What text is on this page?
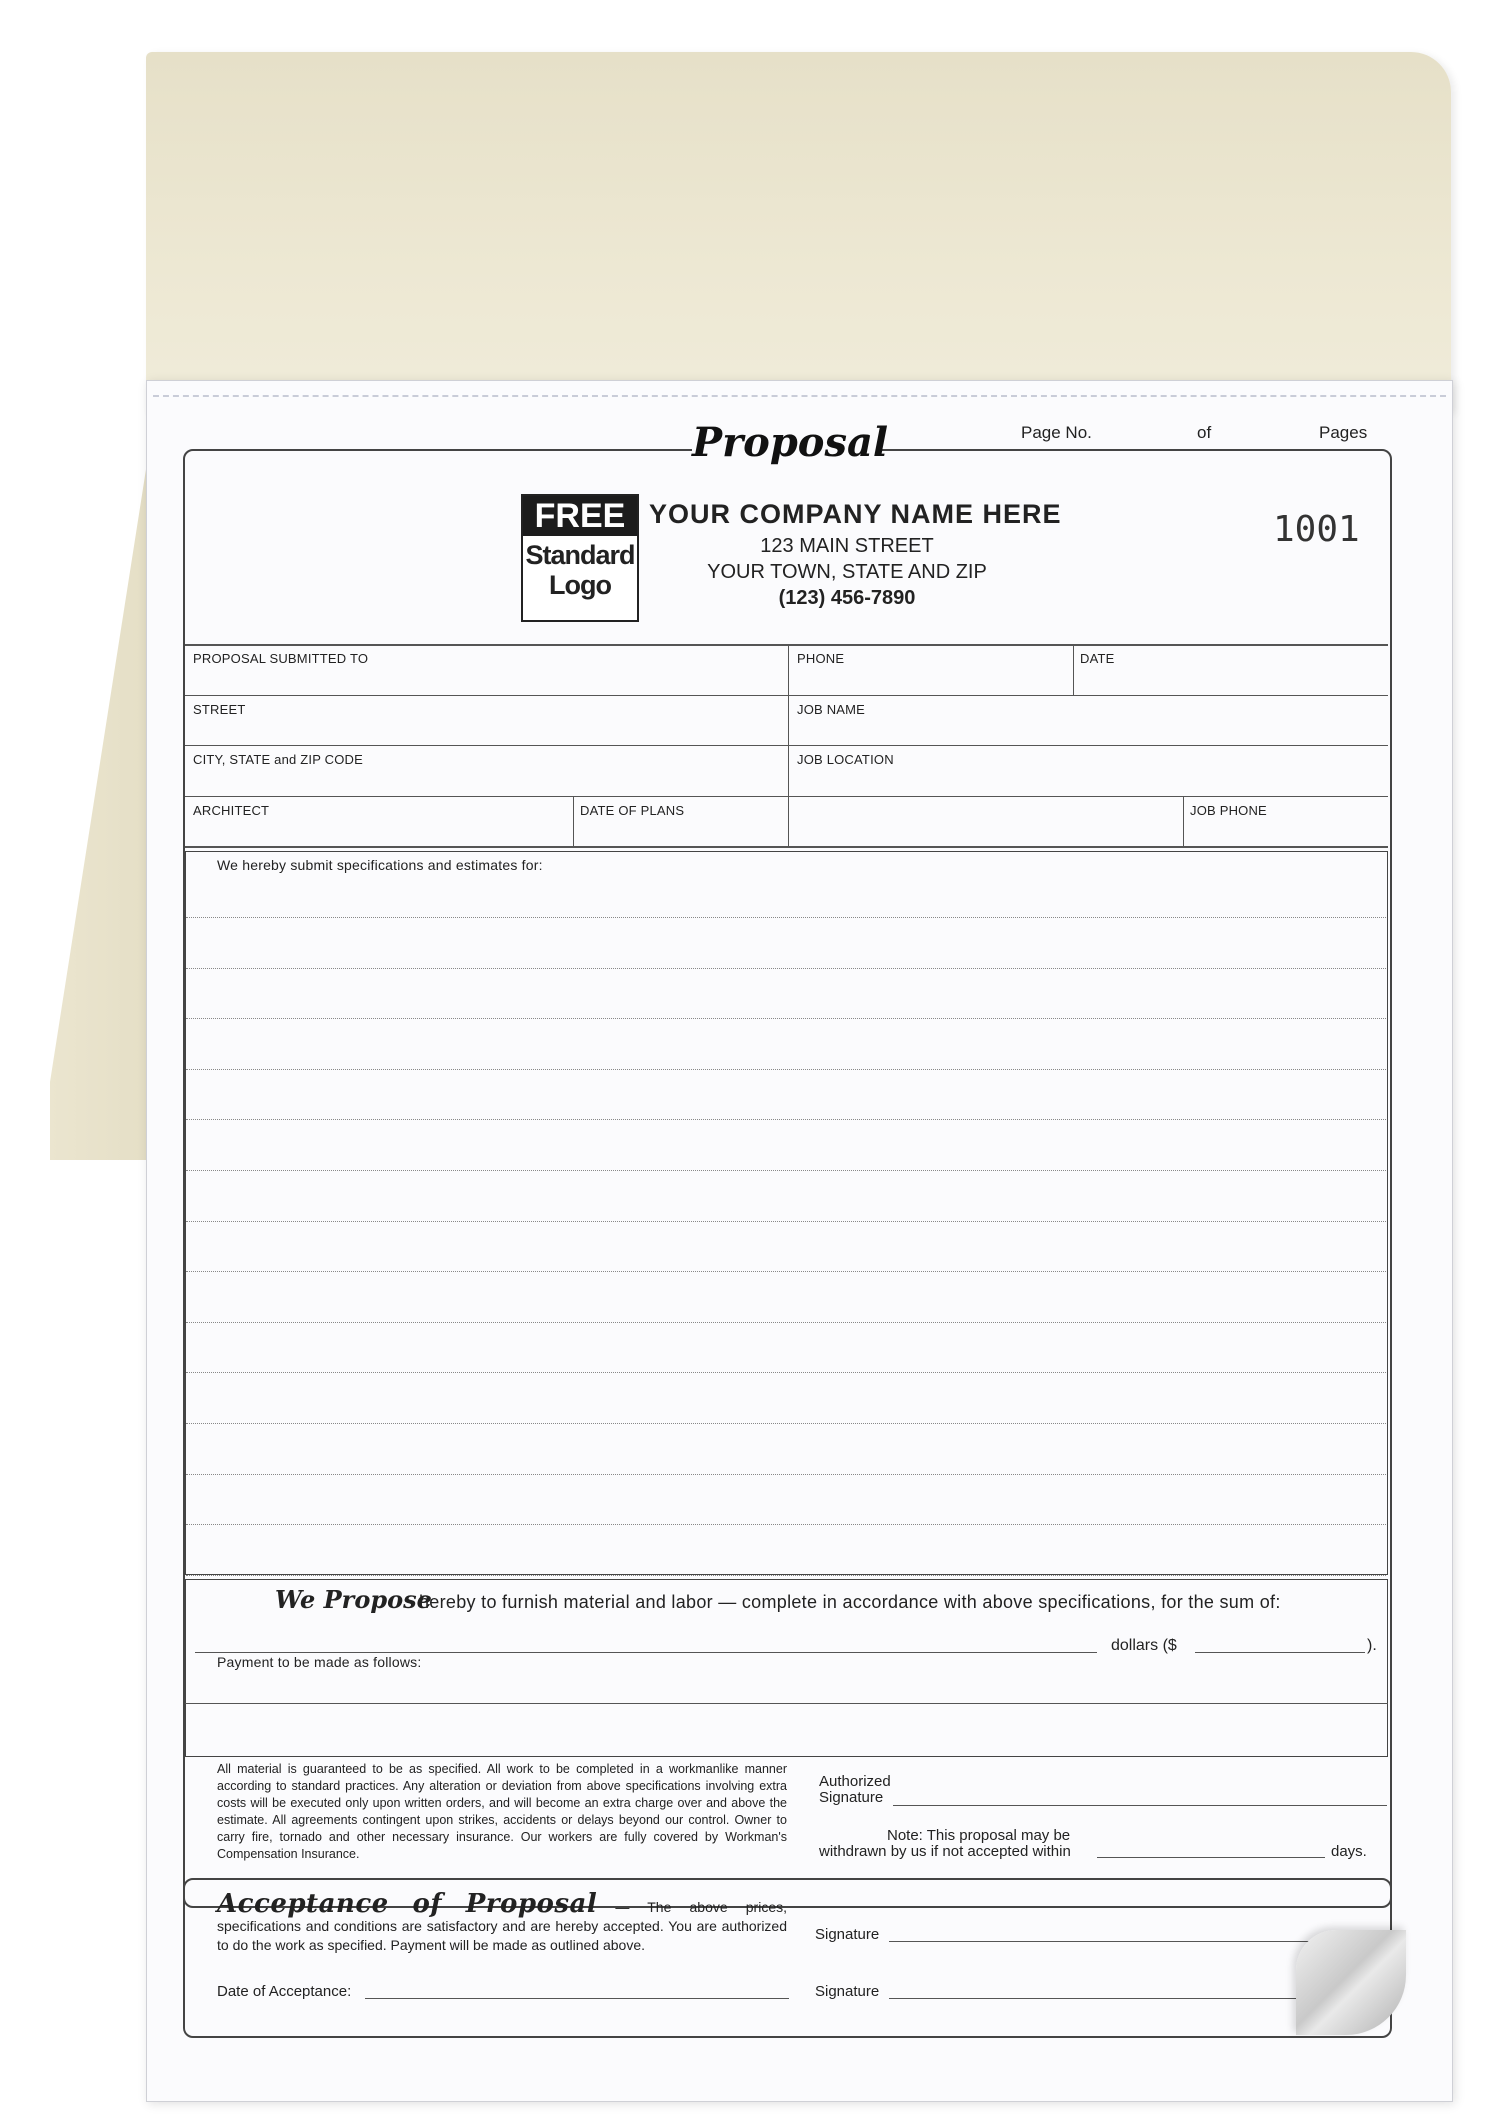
Proposal	Page No.	of	Pages
FREE
Standard
Logo
YOUR COMPANY NAME HERE
123 MAIN STREET
YOUR TOWN, STATE AND ZIP
(123) 456-7890
1001
PROPOSAL SUBMITTED TO	PHONE	DATE
STREET	JOB NAME
CITY, STATE and ZIP CODE	JOB LOCATION
ARCHITECT	DATE OF PLANS	JOB PHONE
We hereby submit specifications and estimates for:
We Propose
hereby to furnish material and labor — complete in accordance with above specifications, for the sum of:
dollars ($	).
Payment to be made as follows:
All material is guaranteed to be as specified. All work to be completed in a workmanlike manner according to standard practices. Any alteration or deviation from above specifications involving extra costs will be executed only upon written orders, and will become an extra charge over and above the estimate. All agreements contingent upon strikes, accidents or delays beyond our control. Owner to carry fire, tornado and other necessary insurance. Our workers are fully covered by Workman's Compensation Insurance.
Authorized
Signature
Note: This proposal may be
withdrawn by us if not accepted within	days.
Acceptance of Proposal — The above prices, specifications and conditions are satisfactory and are hereby accepted. You are authorized to do the work as specified. Payment will be made as outlined above.
Date of Acceptance:
Signature
Signature
